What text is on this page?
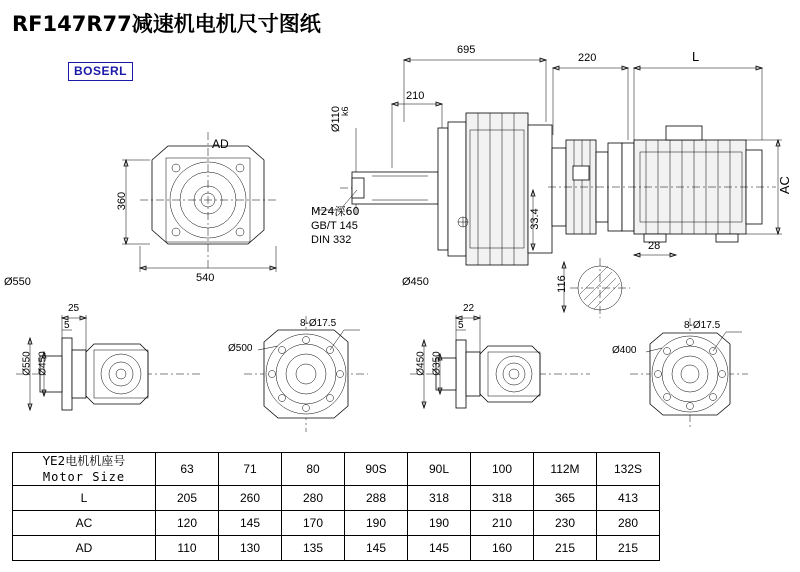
RF147R77减速机电机尺寸图纸
BOSERL
695
220	L
210
Ø110
k6
M24深60
GB/T 145
DIN 332
33.4
AC
AD
360
540
Ø550	Ø450
28
116
25
5
Ø550 Ø450
8-Ø17.5
Ø500
22
5
Ø450 Ø350
8-Ø17.5
Ø400
YE2电机机座号
Motor Size	63	71	80	90S	90L	100	112M	132S
L	205	260	280	288	318	318	365	413
AC	120	145	170	190	190	210	230	280
AD	110	130	135	145	145	160	215	215
